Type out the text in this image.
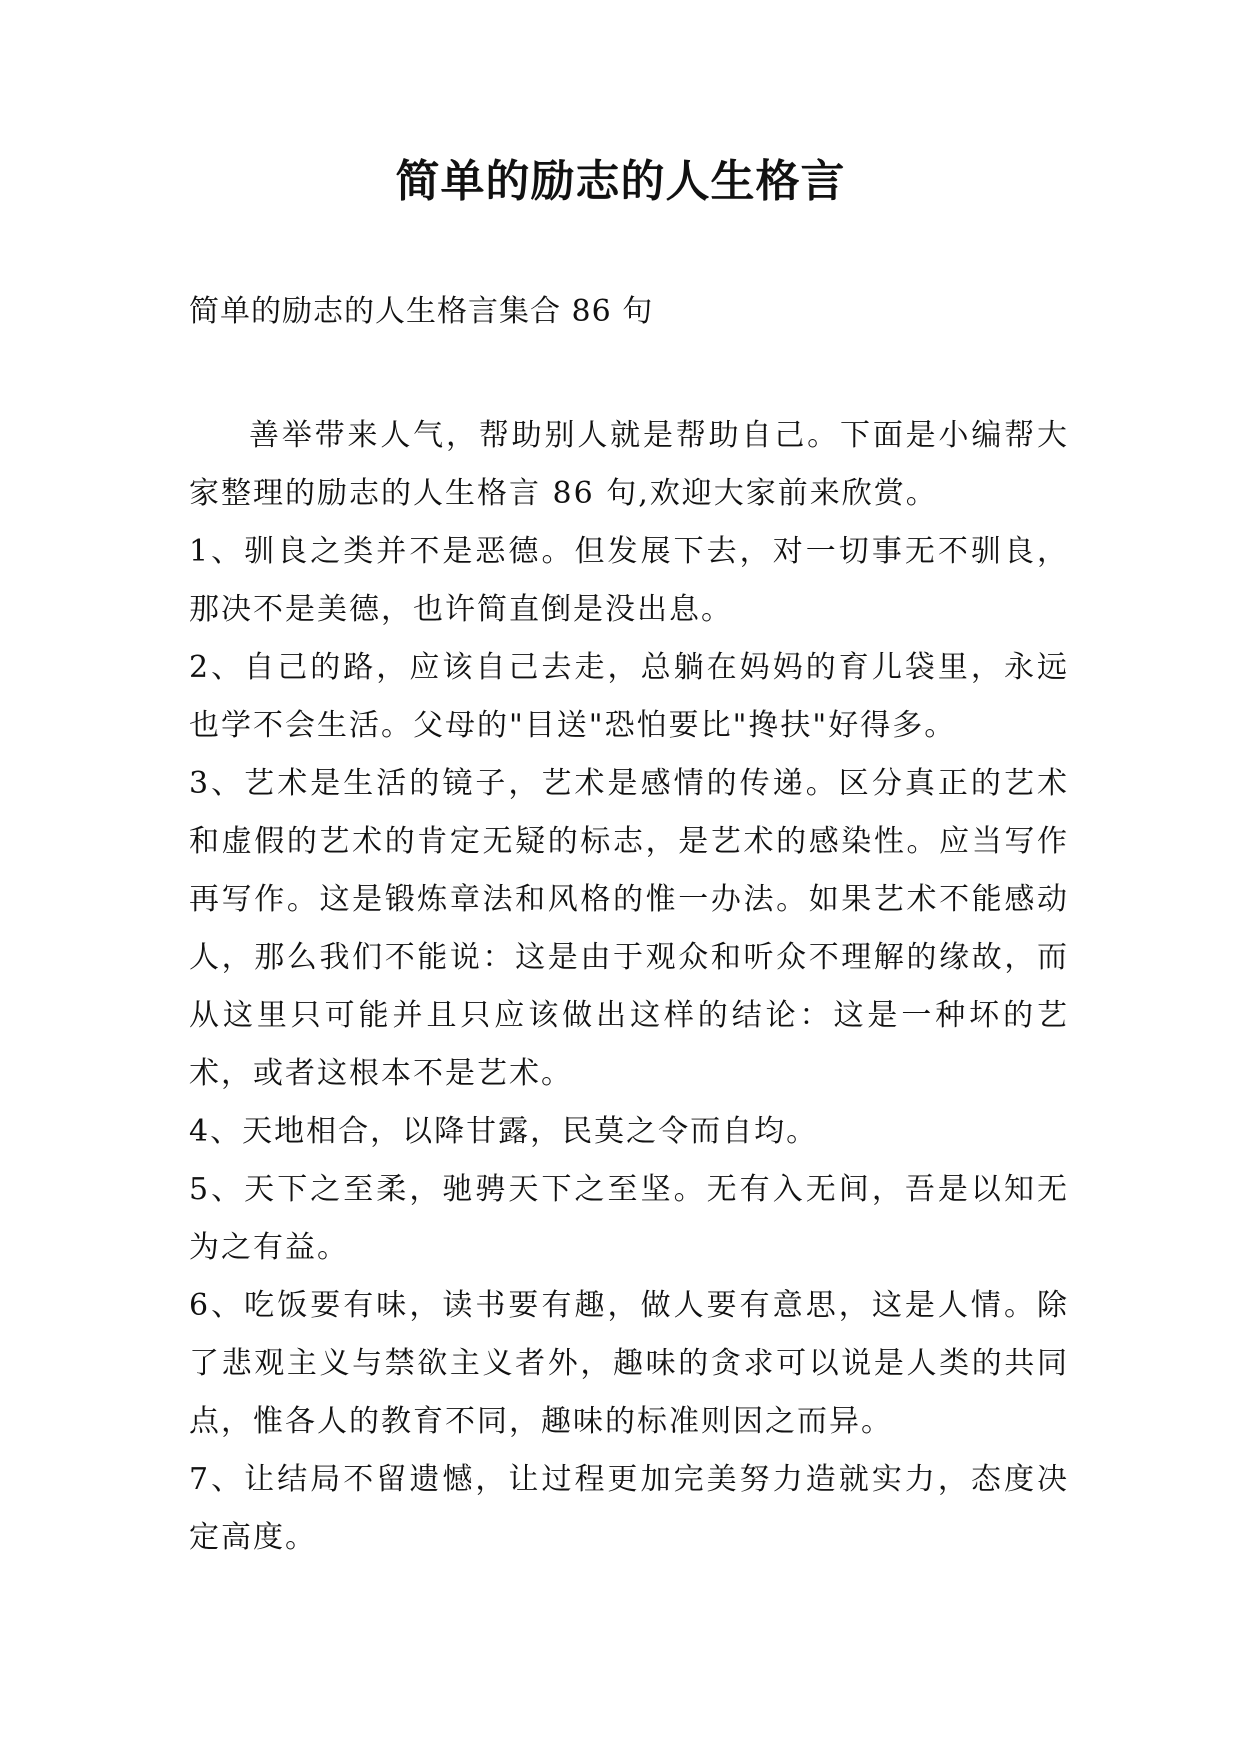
简单的励志的人生格言
简单的励志的人生格言集合 86 句

善举带来人气，帮助别人就是帮助自己。下面是小编帮大家整理的励志的人生格言 86 句,欢迎大家前来欣赏。

1、驯良之类并不是恶德。但发展下去，对一切事无不驯良，那决不是美德，也许简直倒是没出息。

2、自己的路，应该自己去走，总躺在妈妈的育儿袋里，永远也学不会生活。父母的"目送"恐怕要比"搀扶"好得多。

3、艺术是生活的镜子，艺术是感情的传递。区分真正的艺术和虚假的艺术的肯定无疑的标志，是艺术的感染性。应当写作再写作。这是锻炼章法和风格的惟一办法。如果艺术不能感动人，那么我们不能说：这是由于观众和听众不理解的缘故，而从这里只可能并且只应该做出这样的结论：这是一种坏的艺术，或者这根本不是艺术。

4、天地相合，以降甘露，民莫之令而自均。

5、天下之至柔，驰骋天下之至坚。无有入无间，吾是以知无为之有益。

6、吃饭要有味，读书要有趣，做人要有意思，这是人情。除了悲观主义与禁欲主义者外，趣味的贪求可以说是人类的共同点，惟各人的教育不同，趣味的标准则因之而异。

7、让结局不留遗憾，让过程更加完美努力造就实力，态度决定高度。
